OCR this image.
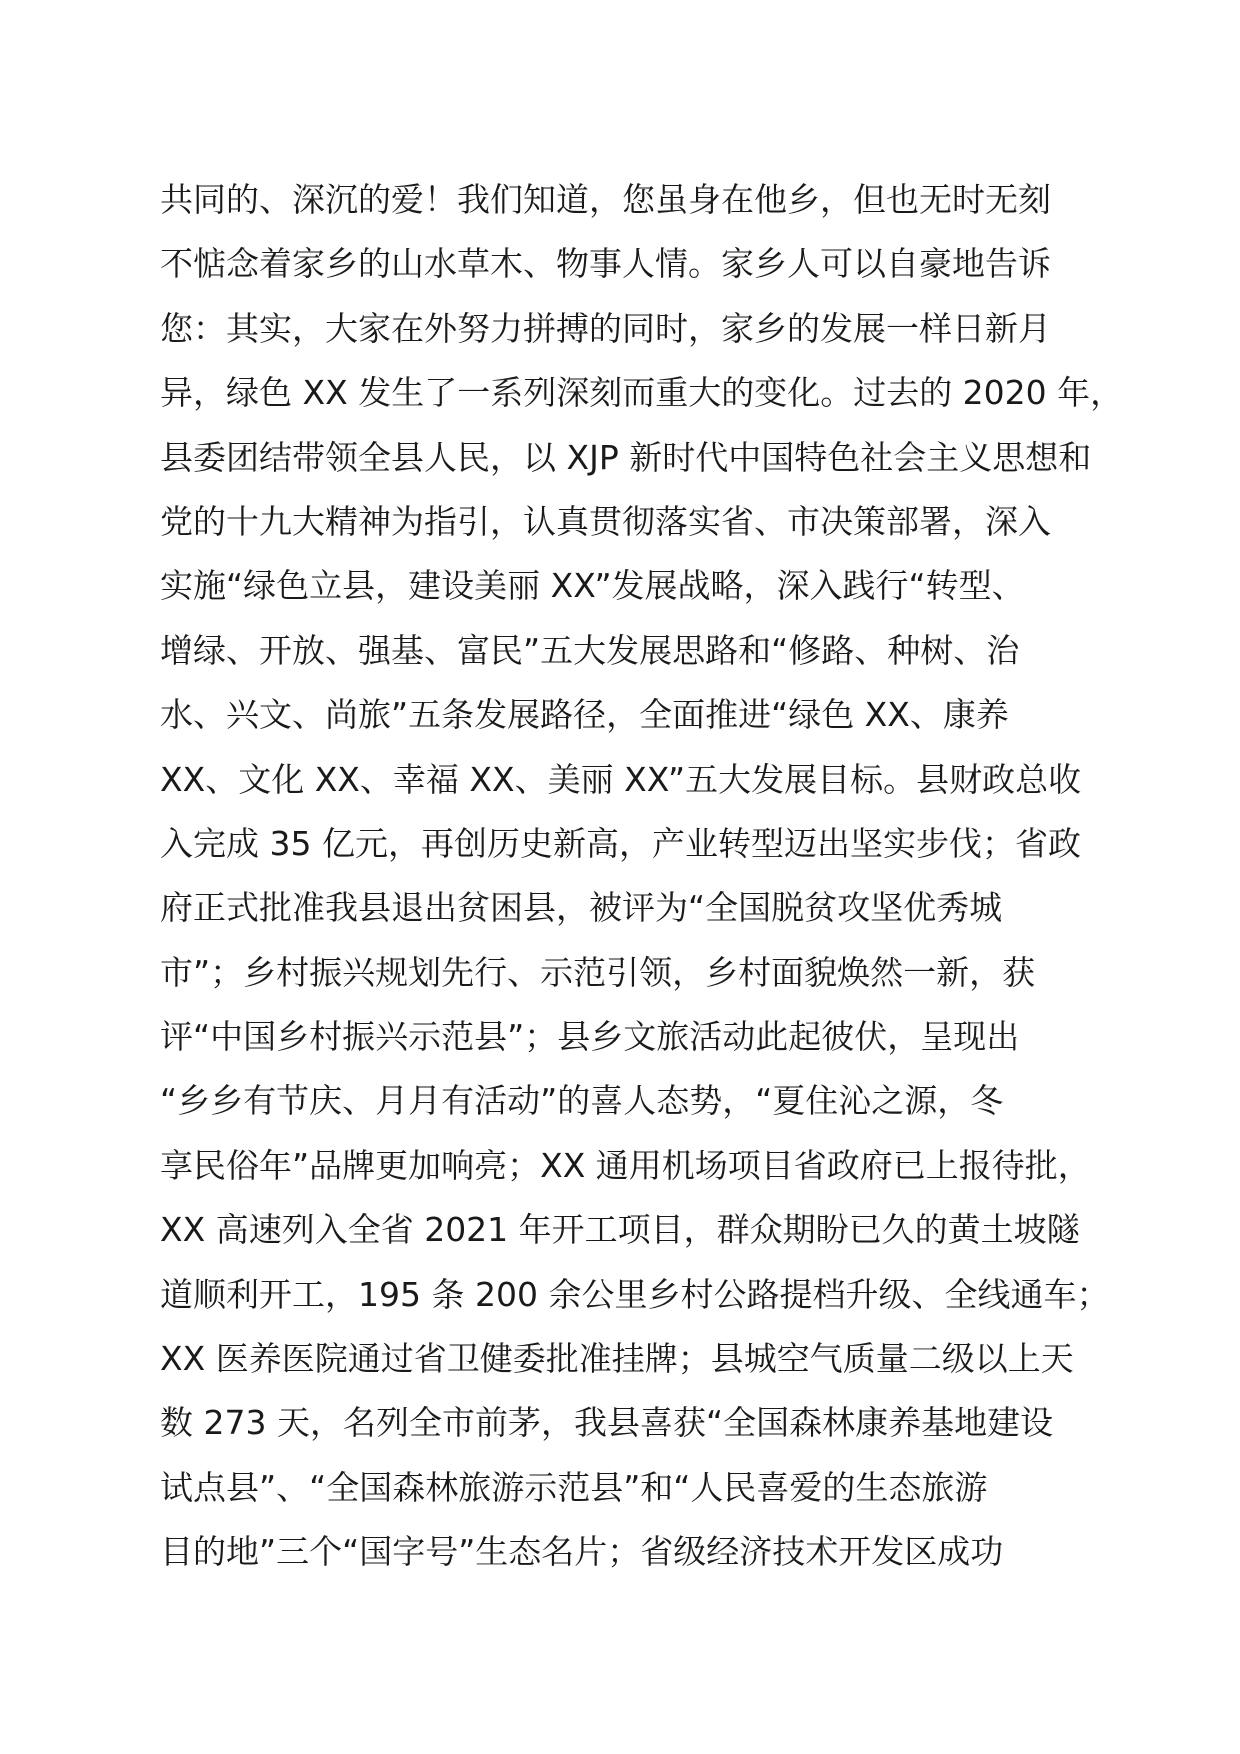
共同的、深沉的爱！我们知道，您虽身在他乡，但也无时无刻
不惦念着家乡的山水草木、物事人情。家乡人可以自豪地告诉
您：其实，大家在外努力拼搏的同时，家乡的发展一样日新月
异，绿色 XX 发生了一系列深刻而重大的变化。过去的 2020 年，
县委团结带领全县人民，以 XJP 新时代中国特色社会主义思想和
党的十九大精神为指引，认真贯彻落实省、市决策部署，深入
实施“绿色立县，建设美丽 XX”发展战略，深入践行“转型、
增绿、开放、强基、富民”五大发展思路和“修路、种树、治
水、兴文、尚旅”五条发展路径，全面推进“绿色 XX、康养
XX、文化 XX、幸福 XX、美丽 XX”五大发展目标。县财政总收
入完成 35 亿元，再创历史新高，产业转型迈出坚实步伐；省政
府正式批准我县退出贫困县，被评为“全国脱贫攻坚优秀城
市”；乡村振兴规划先行、示范引领，乡村面貌焕然一新，获
评“中国乡村振兴示范县”；县乡文旅活动此起彼伏，呈现出
“乡乡有节庆、月月有活动”的喜人态势，“夏住沁之源，冬
享民俗年”品牌更加响亮；XX 通用机场项目省政府已上报待批，
XX 高速列入全省 2021 年开工项目，群众期盼已久的黄土坡隧
道顺利开工，195 条 200 余公里乡村公路提档升级、全线通车；
XX 医养医院通过省卫健委批准挂牌；县城空气质量二级以上天
数 273 天，名列全市前茅，我县喜获“全国森林康养基地建设
试点县”、“全国森林旅游示范县”和“人民喜爱的生态旅游
目的地”三个“国字号”生态名片；省级经济技术开发区成功
